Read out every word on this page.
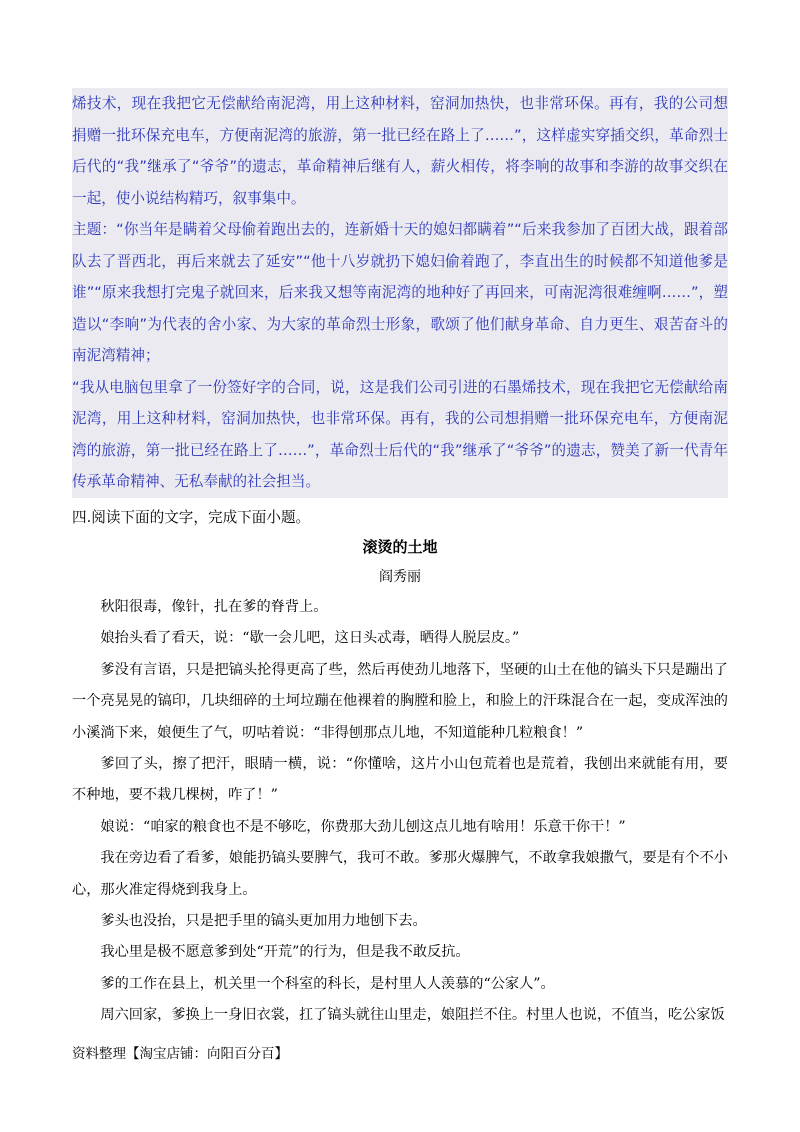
烯技术，现在我把它无偿献给南泥湾，用上这种材料，窑洞加热快，也非常环保。再有，我的公司想捐赠一批环保充电车，方便南泥湾的旅游，第一批已经在路上了……”，这样虚实穿插交织，革命烈士后代的“我”继承了“爷爷”的遗志，革命精神后继有人，薪火相传，将李响的故事和李游的故事交织在一起，使小说结构精巧，叙事集中。

主题：“你当年是瞒着父母偷着跑出去的，连新婚十天的媳妇都瞒着”“后来我参加了百团大战，跟着部队去了晋西北，再后来就去了延安”“他十八岁就扔下媳妇偷着跑了，李直出生的时候都不知道他爹是谁”“原来我想打完鬼子就回来，后来我又想等南泥湾的地种好了再回来，可南泥湾很难缠啊……”，塑造以“李响”为代表的舍小家、为大家的革命烈士形象，歌颂了他们献身革命、自力更生、艰苦奋斗的南泥湾精神；

“我从电脑包里拿了一份签好字的合同，说，这是我们公司引进的石墨烯技术，现在我把它无偿献给南泥湾，用上这种材料，窑洞加热快，也非常环保。再有，我的公司想捐赠一批环保充电车，方便南泥湾的旅游，第一批已经在路上了……”，革命烈士后代的“我”继承了“爷爷”的遗志，赞美了新一代青年传承革命精神、无私奉献的社会担当。

四.阅读下面的文字，完成下面小题。
滚烫的土地
阎秀丽

秋阳很毒，像针，扎在爹的脊背上。

娘抬头看了看天，说：“歇一会儿吧，这日头忒毒，晒得人脱层皮。”

爹没有言语，只是把镐头抡得更高了些，然后再使劲儿地落下，坚硬的山土在他的镐头下只是蹦出了一个亮晃晃的镐印，几块细碎的土坷垃蹦在他裸着的胸膛和脸上，和脸上的汗珠混合在一起，变成浑浊的小溪淌下来，娘便生了气，叨咕着说：“非得刨那点儿地，不知道能种几粒粮食！”

爹回了头，擦了把汗，眼睛一横，说：“你懂啥，这片小山包荒着也是荒着，我刨出来就能有用，要不种地，要不栽几棵树，咋了！”

娘说：“咱家的粮食也不是不够吃，你费那大劲儿刨这点儿地有啥用！乐意干你干！”

我在旁边看了看爹，娘能扔镐头要脾气，我可不敢。爹那火爆脾气，不敢拿我娘撒气，要是有个不小心，那火准定得烧到我身上。

爹头也没抬，只是把手里的镐头更加用力地刨下去。

我心里是极不愿意爹到处“开荒”的行为，但是我不敢反抗。

爹的工作在县上，机关里一个科室的科长，是村里人人羡慕的“公家人”。

周六回家，爹换上一身旧衣裳，扛了镐头就往山里走，娘阻拦不住。村里人也说，不值当，吃公家饭

资料整理【淘宝店铺：向阳百分百】
